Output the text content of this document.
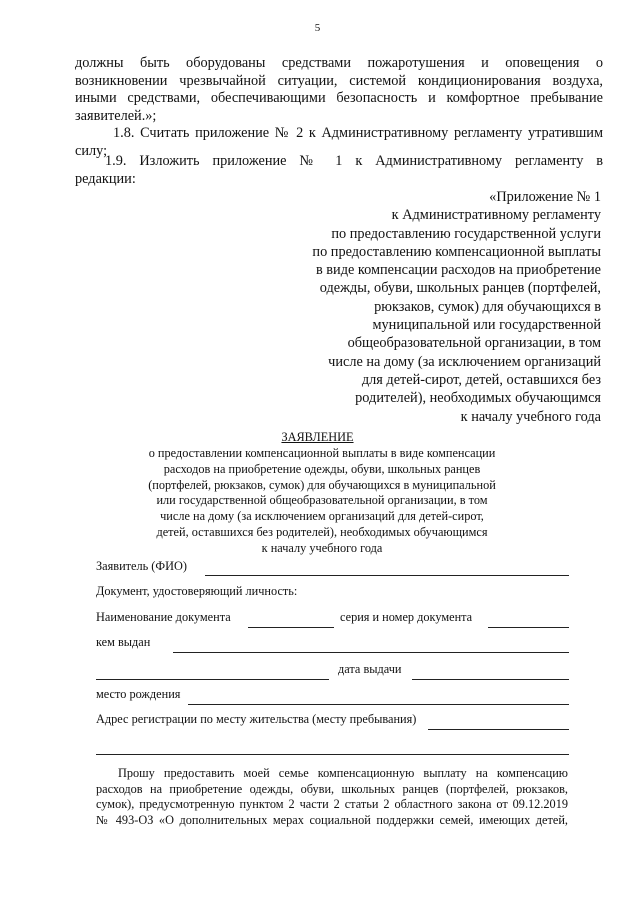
5
должны быть оборудованы средствами пожаротушения и оповещения о
возникновении чрезвычайной ситуации, системой кондиционирования воздуха,
иными средствами, обеспечивающими безопасность и комфортное пребывание
заявителей.»;
1.8. Считать приложение № 2 к Административному регламенту утратившим
силу;
1.9. Изложить приложение № 1 к Административному регламенту в
редакции:
«Приложение № 1
к Административному регламенту
по предоставлению государственной услуги
по предоставлению компенсационной выплаты
в виде компенсации расходов на приобретение
одежды, обуви, школьных ранцев (портфелей,
рюкзаков, сумок) для обучающихся в
муниципальной или государственной
общеобразовательной организации, в том
числе на дому (за исключением организаций
для детей-сирот, детей, оставшихся без
родителей), необходимых обучающимся
к началу учебного года
ЗАЯВЛЕНИЕ
о предоставлении компенсационной выплаты в виде компенсации
расходов на приобретение одежды, обуви, школьных ранцев
(портфелей, рюкзаков, сумок) для обучающихся в муниципальной
или государственной общеобразовательной организации, в том
числе на дому (за исключением организаций для детей-сирот,
детей, оставшихся без родителей), необходимых обучающимся
к началу учебного года
Заявитель (ФИО)
Документ, удостоверяющий личность:
Наименование документа	серия и номер документа
кем выдан
дата выдачи
место рождения
Адрес регистрации по месту жительства (месту пребывания)
Прошу предоставить моей семье компенсационную выплату на компенсацию
расходов на приобретение одежды, обуви, школьных ранцев (портфелей, рюкзаков,
сумок), предусмотренную пунктом 2 части 2 статьи 2 областного закона от 09.12.2019
№ 493-ОЗ «О дополнительных мерах социальной поддержки семей, имеющих детей,
